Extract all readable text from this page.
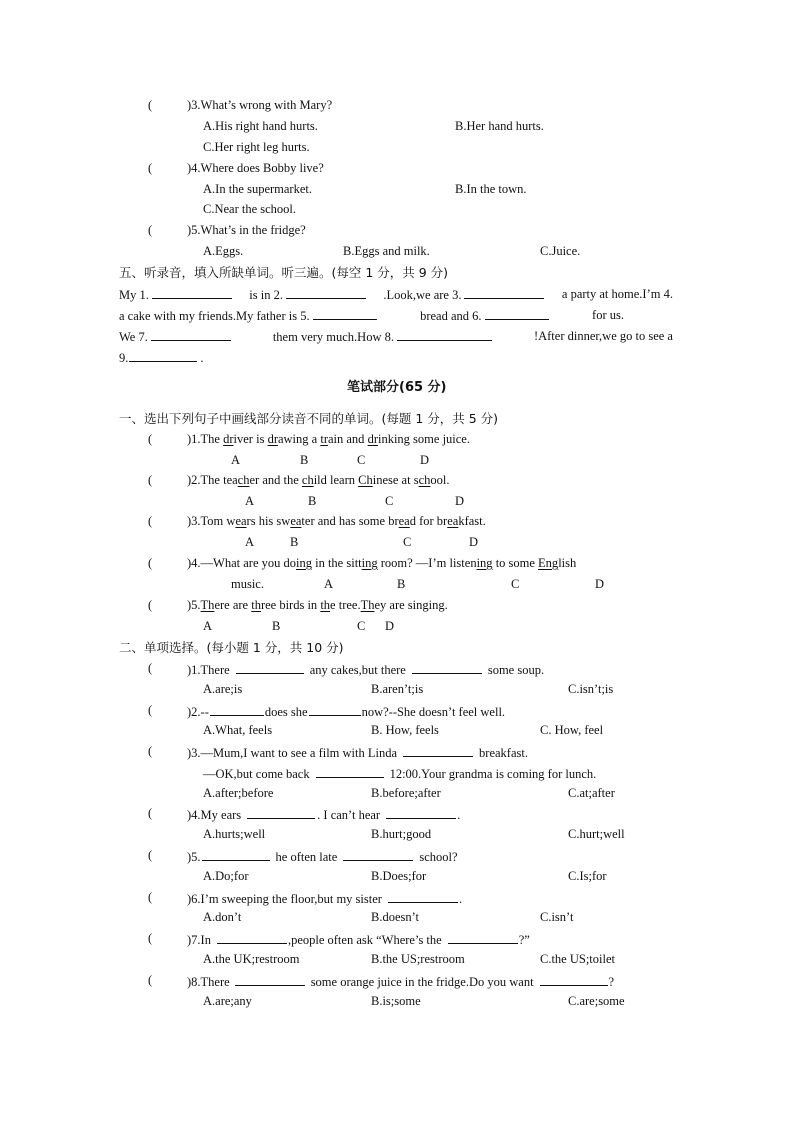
( )3.What’s wrong with Mary?
A.His right hand hurts.	B.Her hand hurts.
C.Her right leg hurts.
( )4.Where does Bobby live?
A.In the supermarket.	B.In the town.
C.Near the school.
( )5.What’s in the fridge?
A.Eggs.	B.Eggs and milk.	C.Juice.
五、听录音，填入所缺单词。听三遍。(每空 1 分，共 9 分)
My 1.	is in 2.	.Look,we are 3.	a party at home.I’m 4.
a cake with my friends.My father is 5.	bread and 6.	for us.
We 7.	them very much.How 8.	!After dinner,we go to see a
9.	.
笔试部分(65 分)
一、选出下列句子中画线部分读音不同的单词。(每题 1 分，共 5 分)
( )1.The driver is drawing a train and drinking some juice.
A	B	C	D
( )2.The teacher and the child learn Chinese at school.
A	B	C	D
( )3.Tom wears his sweater and has some bread for breakfast.
A	B	C	D
( )4.—What are you doing in the sitting room? —I’m listening to some English
music.	A	B	C	D
( )5.There are three birds in the tree.They are singing.
A	B	C D
二、单项选择。(每小题 1 分，共 10 分)
( )1.There	any cakes,but there	some soup.
A.are;is	B.aren’t;is	C.isn’t;is
( )2.--	does she	now?--She doesn’t feel well.
A.What, feels	B. How, feels	C. How, feel
( )3.—Mum,I want to see a film with Linda	breakfast.
—OK,but come back	12:00.Your grandma is coming for lunch.
A.after;before	B.before;after	C.at;after
( )4.My ears	. I can’t hear	.
A.hurts;well	B.hurt;good	C.hurt;well
( )5.	he often late	school?
A.Do;for	B.Does;for	C.Is;for
( )6.I’m sweeping the floor,but my sister	.
A.don’t	B.doesn’t	C.isn’t
( )7.In	,people often ask “Where’s the	?”
A.the UK;restroom	B.the US;restroom	C.the US;toilet
( )8.There	some orange juice in the fridge.Do you want	?
A.are;any	B.is;some	C.are;some
